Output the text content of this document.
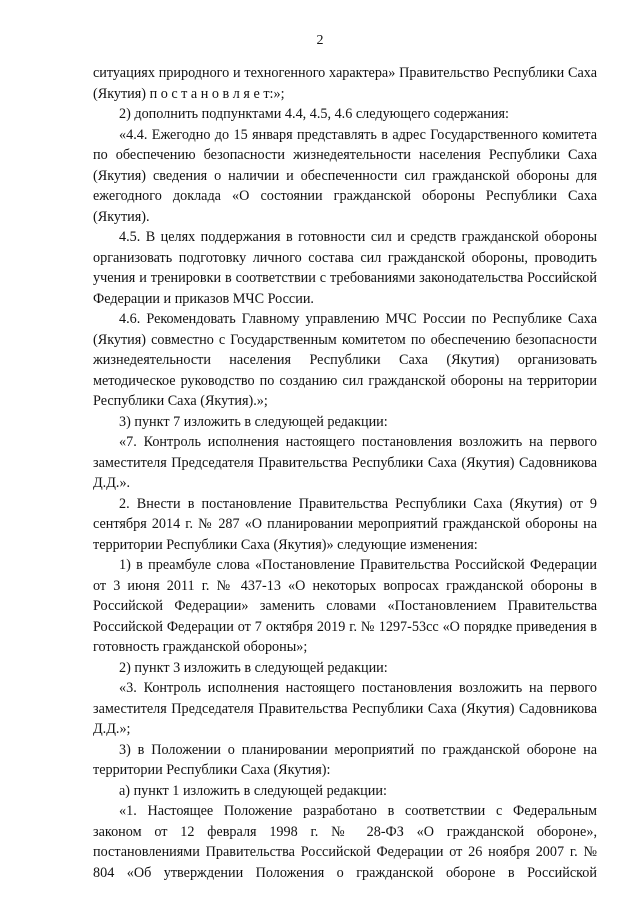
2

ситуациях природного и техногенного характера» Правительство Республики Саха (Якутия) п о с т а н о в л я е т:»;

2) дополнить подпунктами 4.4, 4.5, 4.6 следующего содержания:

«4.4. Ежегодно до 15 января представлять в адрес Государственного комитета по обеспечению безопасности жизнедеятельности населения Республики Саха (Якутия) сведения о наличии и обеспеченности сил гражданской обороны для ежегодного доклада «О состоянии гражданской обороны Республики Саха (Якутия).

4.5. В целях поддержания в готовности сил и средств гражданской обороны организовать подготовку личного состава сил гражданской обороны, проводить учения и тренировки в соответствии с требованиями законодательства Российской Федерации и приказов МЧС России.

4.6. Рекомендовать Главному управлению МЧС России по Республике Саха (Якутия) совместно с Государственным комитетом по обеспечению безопасности жизнедеятельности населения Республики Саха (Якутия) организовать методическое руководство по созданию сил гражданской обороны на территории Республики Саха (Якутия).»;

3) пункт 7 изложить в следующей редакции:

«7. Контроль исполнения настоящего постановления возложить на первого заместителя Председателя Правительства Республики Саха (Якутия) Садовникова Д.Д.».

2. Внести в постановление Правительства Республики Саха (Якутия) от 9 сентября 2014 г. № 287 «О планировании мероприятий гражданской обороны на территории Республики Саха (Якутия)» следующие изменения:

1) в преамбуле слова «Постановление Правительства Российской Федерации от 3 июня 2011 г. № 437-13 «О некоторых вопросах гражданской обороны в Российской Федерации» заменить словами «Постановлением Правительства Российской Федерации от 7 октября 2019 г. № 1297-53сс «О порядке приведения в готовность гражданской обороны»;

2) пункт 3 изложить в следующей редакции:

«3. Контроль исполнения настоящего постановления возложить на первого заместителя Председателя Правительства Республики Саха (Якутия) Садовникова Д.Д.»;

3) в Положении о планировании мероприятий по гражданской обороне на территории Республики Саха (Якутия):

а) пункт 1 изложить в следующей редакции:

«1. Настоящее Положение разработано в соответствии с Федеральным законом от 12 февраля 1998 г. № 28-ФЗ «О гражданской обороне», постановлениями Правительства Российской Федерации от 26 ноября 2007 г. № 804 «Об утверждении Положения о гражданской обороне в Российской
